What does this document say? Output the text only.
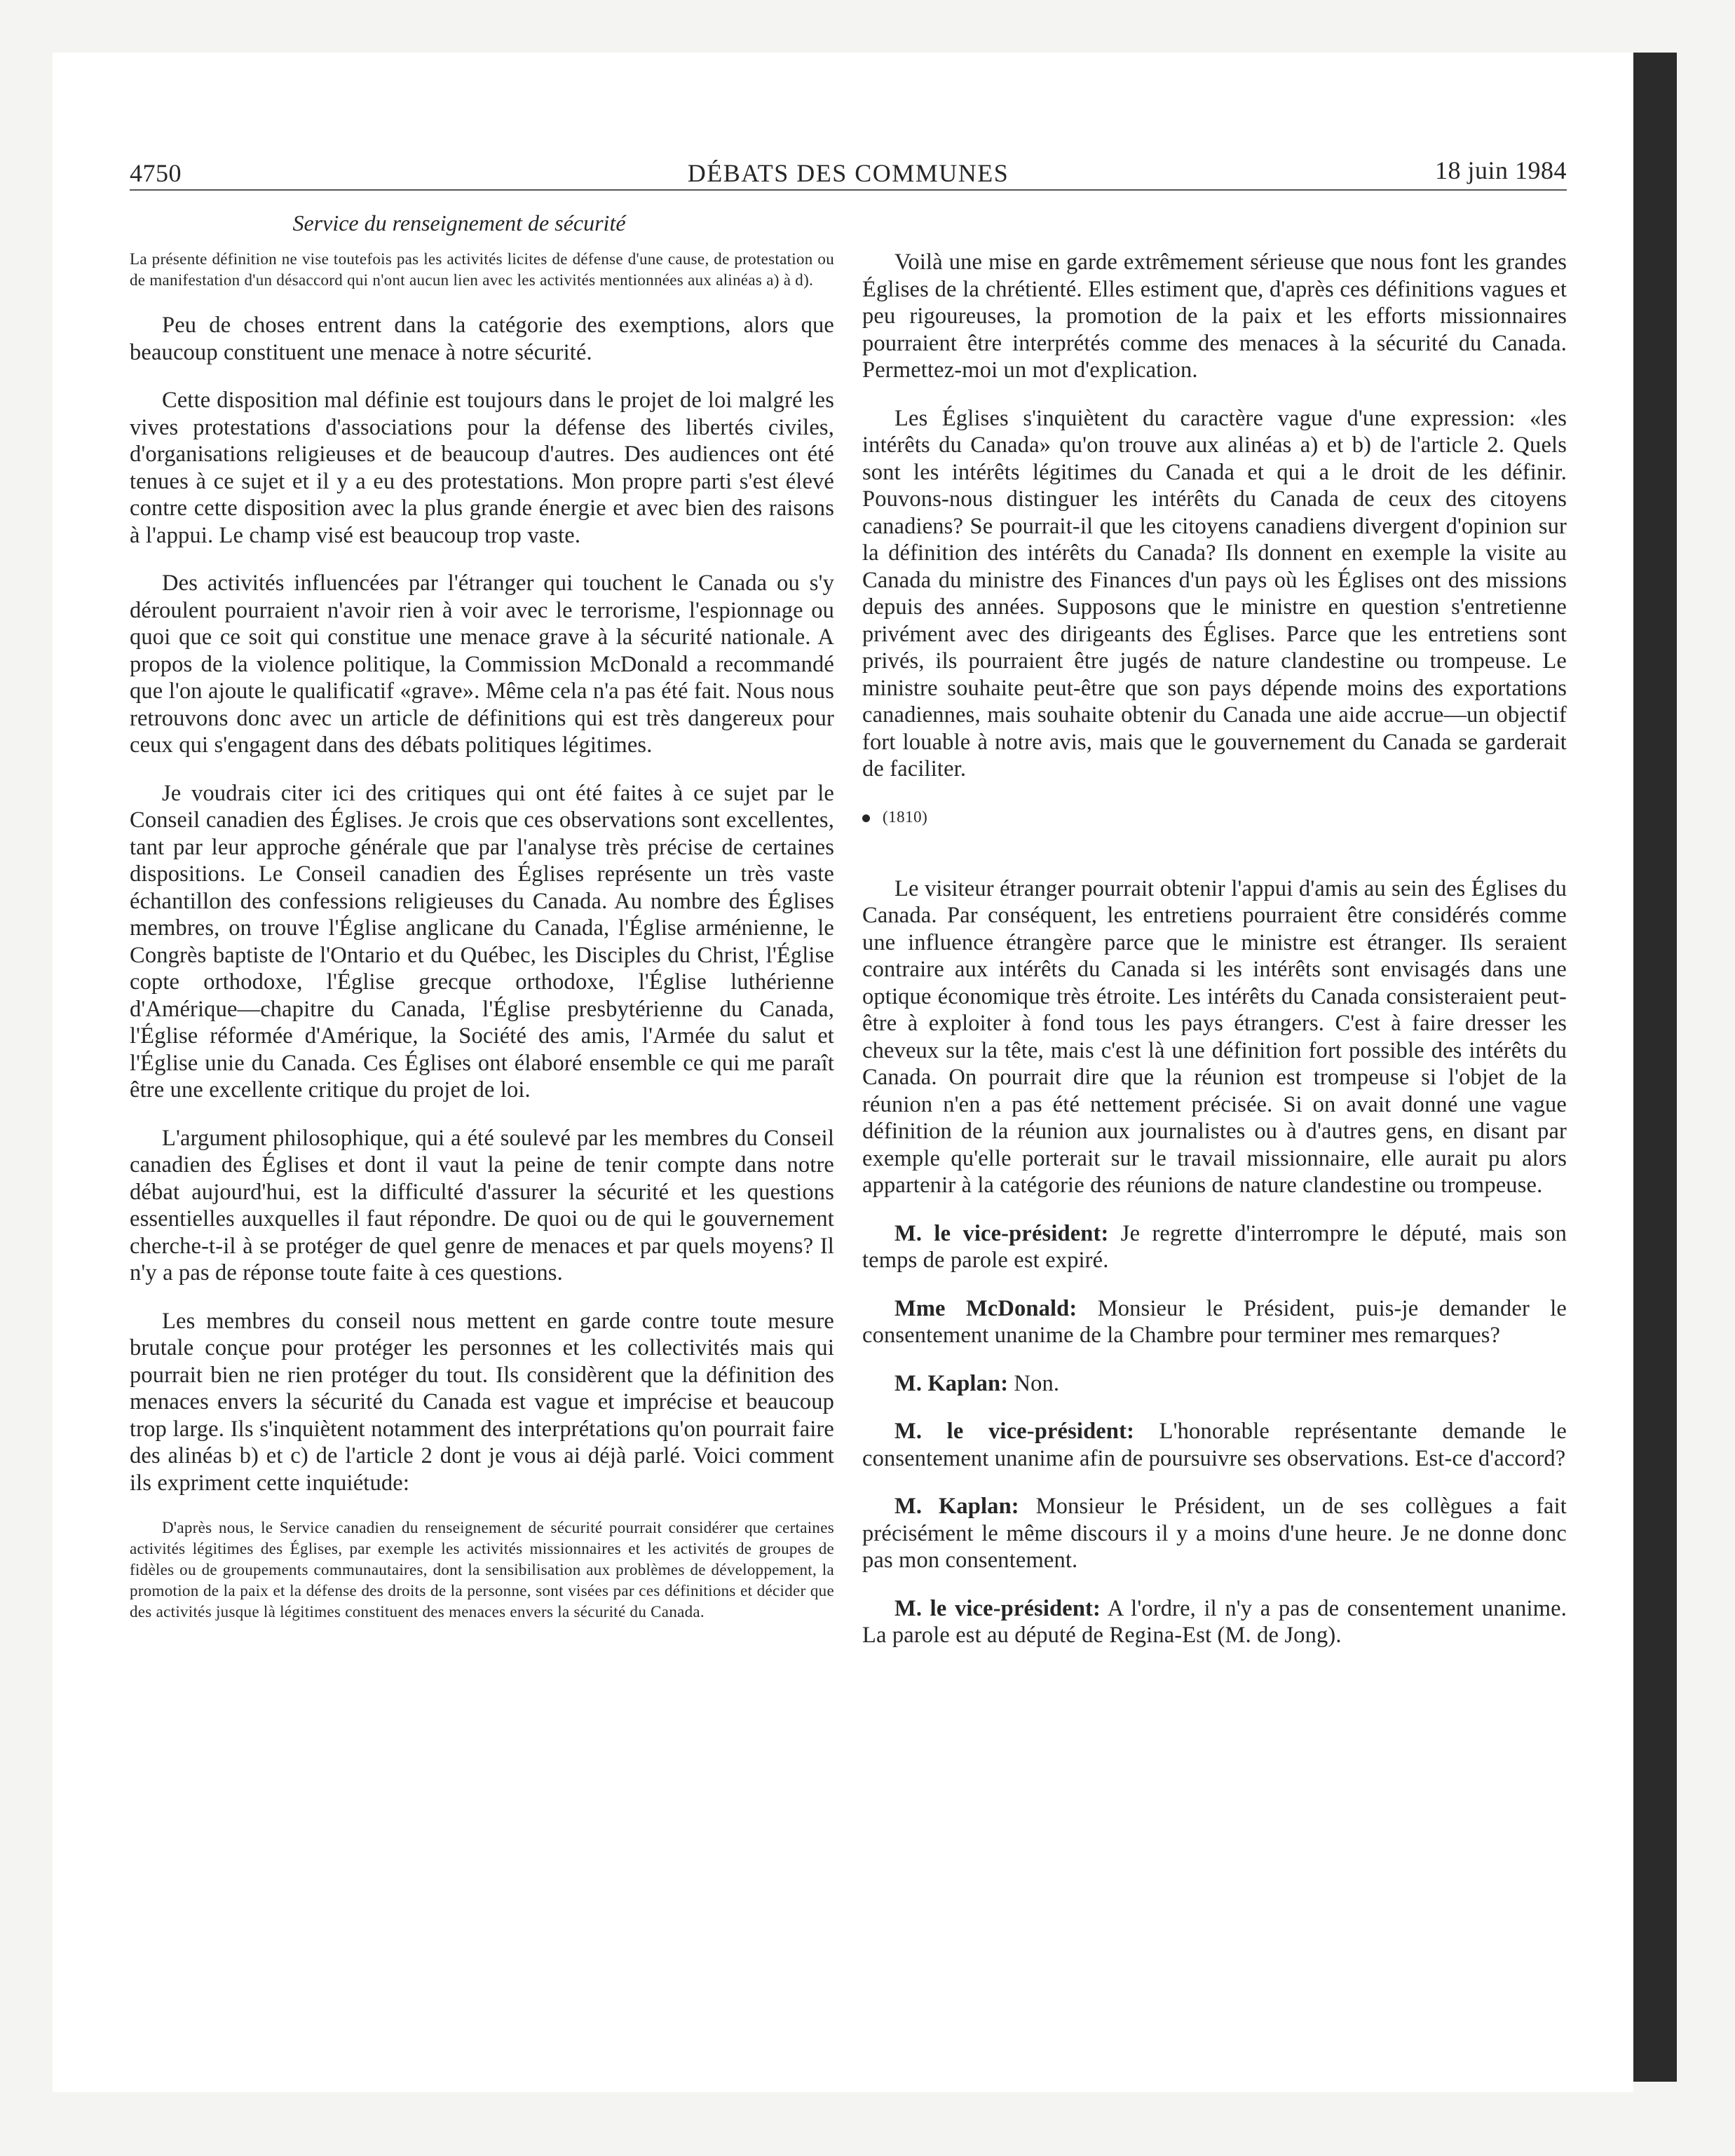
4750	DÉBATS DES COMMUNES	18 juin 1984
Service du renseignement de sécurité

La présente définition ne vise toutefois pas les activités licites de défense d'une cause, de protestation ou de manifestation d'un désaccord qui n'ont aucun lien avec les activités mentionnées aux alinéas a) à d).

Peu de choses entrent dans la catégorie des exemptions, alors que beaucoup constituent une menace à notre sécurité.

Cette disposition mal définie est toujours dans le projet de loi malgré les vives protestations d'associations pour la défense des libertés civiles, d'organisations religieuses et de beaucoup d'autres. Des audiences ont été tenues à ce sujet et il y a eu des protestations. Mon propre parti s'est élevé contre cette disposition avec la plus grande énergie et avec bien des raisons à l'appui. Le champ visé est beaucoup trop vaste.

Des activités influencées par l'étranger qui touchent le Canada ou s'y déroulent pourraient n'avoir rien à voir avec le terrorisme, l'espionnage ou quoi que ce soit qui constitue une menace grave à la sécurité nationale. A propos de la violence politique, la Commission McDonald a recommandé que l'on ajoute le qualificatif «grave». Même cela n'a pas été fait. Nous nous retrouvons donc avec un article de définitions qui est très dangereux pour ceux qui s'engagent dans des débats politiques légitimes.

Je voudrais citer ici des critiques qui ont été faites à ce sujet par le Conseil canadien des Églises. Je crois que ces observations sont excellentes, tant par leur approche générale que par l'analyse très précise de certaines dispositions. Le Conseil canadien des Églises représente un très vaste échantillon des confessions religieuses du Canada. Au nombre des Églises membres, on trouve l'Église anglicane du Canada, l'Église arménienne, le Congrès baptiste de l'Ontario et du Québec, les Disciples du Christ, l'Église copte orthodoxe, l'Église grecque orthodoxe, l'Église luthérienne d'Amérique—chapitre du Canada, l'Église presbytérienne du Canada, l'Église réformée d'Amérique, la Société des amis, l'Armée du salut et l'Église unie du Canada. Ces Églises ont élaboré ensemble ce qui me paraît être une excellente critique du projet de loi.

L'argument philosophique, qui a été soulevé par les membres du Conseil canadien des Églises et dont il vaut la peine de tenir compte dans notre débat aujourd'hui, est la difficulté d'assurer la sécurité et les questions essentielles auxquelles il faut répondre. De quoi ou de qui le gouvernement cherche-t-il à se protéger de quel genre de menaces et par quels moyens? Il n'y a pas de réponse toute faite à ces questions.

Les membres du conseil nous mettent en garde contre toute mesure brutale conçue pour protéger les personnes et les collectivités mais qui pourrait bien ne rien protéger du tout. Ils considèrent que la définition des menaces envers la sécurité du Canada est vague et imprécise et beaucoup trop large. Ils s'inquiètent notamment des interprétations qu'on pourrait faire des alinéas b) et c) de l'article 2 dont je vous ai déjà parlé. Voici comment ils expriment cette inquiétude:

D'après nous, le Service canadien du renseignement de sécurité pourrait considérer que certaines activités légitimes des Églises, par exemple les activités missionnaires et les activités de groupes de fidèles ou de groupements communautaires, dont la sensibilisation aux problèmes de développement, la promotion de la paix et la défense des droits de la personne, sont visées par ces définitions et décider que des activités jusque là légitimes constituent des menaces envers la sécurité du Canada.

Voilà une mise en garde extrêmement sérieuse que nous font les grandes Églises de la chrétienté. Elles estiment que, d'après ces définitions vagues et peu rigoureuses, la promotion de la paix et les efforts missionnaires pourraient être interprétés comme des menaces à la sécurité du Canada. Permettez-moi un mot d'explication.

Les Églises s'inquiètent du caractère vague d'une expression: «les intérêts du Canada» qu'on trouve aux alinéas a) et b) de l'article 2. Quels sont les intérêts légitimes du Canada et qui a le droit de les définir. Pouvons-nous distinguer les intérêts du Canada de ceux des citoyens canadiens? Se pourrait-il que les citoyens canadiens divergent d'opinion sur la définition des intérêts du Canada? Ils donnent en exemple la visite au Canada du ministre des Finances d'un pays où les Églises ont des missions depuis des années. Supposons que le ministre en question s'entretienne privément avec des dirigeants des Églises. Parce que les entretiens sont privés, ils pourraient être jugés de nature clandestine ou trompeuse. Le ministre souhaite peut-être que son pays dépende moins des exportations canadiennes, mais souhaite obtenir du Canada une aide accrue—un objectif fort louable à notre avis, mais que le gouvernement du Canada se garderait de faciliter.

(1810)

Le visiteur étranger pourrait obtenir l'appui d'amis au sein des Églises du Canada. Par conséquent, les entretiens pourraient être considérés comme une influence étrangère parce que le ministre est étranger. Ils seraient contraire aux intérêts du Canada si les intérêts sont envisagés dans une optique économique très étroite. Les intérêts du Canada consisteraient peut-être à exploiter à fond tous les pays étrangers. C'est à faire dresser les cheveux sur la tête, mais c'est là une définition fort possible des intérêts du Canada. On pourrait dire que la réunion est trompeuse si l'objet de la réunion n'en a pas été nettement précisée. Si on avait donné une vague définition de la réunion aux journalistes ou à d'autres gens, en disant par exemple qu'elle porterait sur le travail missionnaire, elle aurait pu alors appartenir à la catégorie des réunions de nature clandestine ou trompeuse.

M. le vice-président: Je regrette d'interrompre le député, mais son temps de parole est expiré.

Mme McDonald: Monsieur le Président, puis-je demander le consentement unanime de la Chambre pour terminer mes remarques?

M. Kaplan: Non.

M. le vice-président: L'honorable représentante demande le consentement unanime afin de poursuivre ses observations. Est-ce d'accord?

M. Kaplan: Monsieur le Président, un de ses collègues a fait précisément le même discours il y a moins d'une heure. Je ne donne donc pas mon consentement.

M. le vice-président: A l'ordre, il n'y a pas de consentement unanime. La parole est au député de Regina-Est (M. de Jong).
